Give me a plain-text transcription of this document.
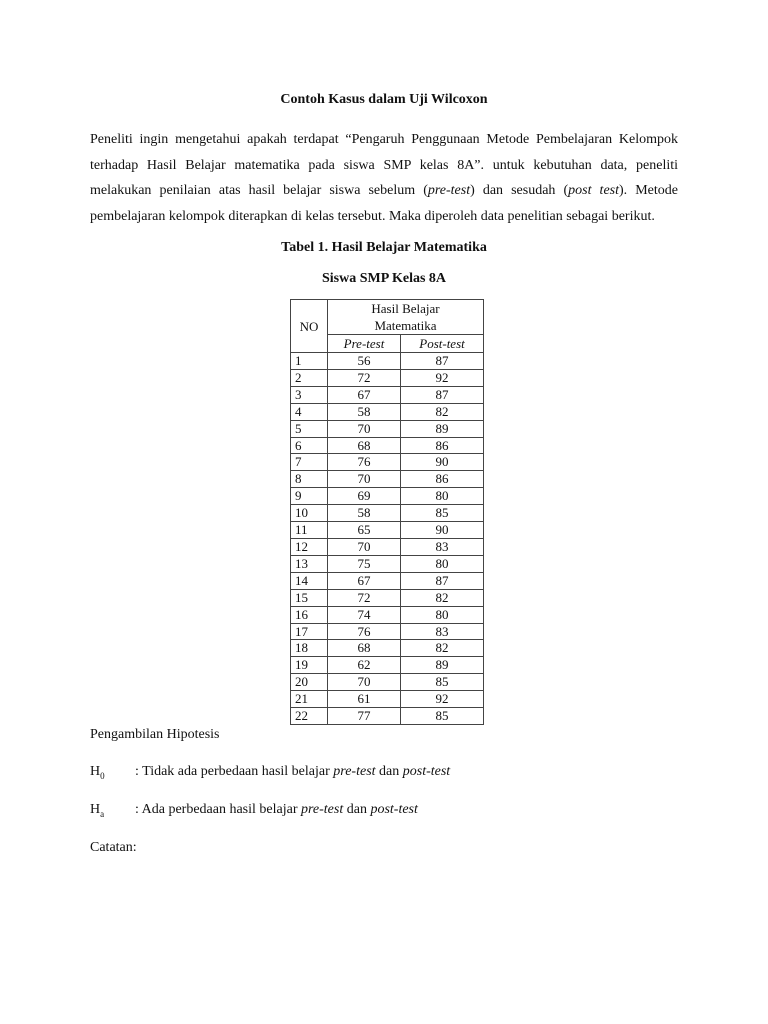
Contoh Kasus dalam Uji Wilcoxon
Peneliti ingin mengetahui apakah terdapat “Pengaruh Penggunaan Metode Pembelajaran Kelompok terhadap Hasil Belajar matematika pada siswa SMP kelas 8A”. untuk kebutuhan data, peneliti melakukan penilaian atas hasil belajar siswa sebelum (pre-test) dan sesudah (post test). Metode pembelajaran kelompok diterapkan di kelas tersebut. Maka diperoleh data penelitian sebagai berikut.
Tabel 1. Hasil Belajar Matematika
Siswa SMP Kelas 8A
NO	Hasil Belajar Matematika	
	Pre-test	Post-test
1	56	87
2	72	92
3	67	87
4	58	82
5	70	89
6	68	86
7	76	90
8	70	86
9	69	80
10	58	85
11	65	90
12	70	83
13	75	80
14	67	87
15	72	82
16	74	80
17	76	83
18	68	82
19	62	89
20	70	85
21	61	92
22	77	85
Pengambilan Hipotesis
$H_0$ : Tidak ada perbedaan hasil belajar pre-test dan post-test
$H_a$ : Ada perbedaan hasil belajar pre-test dan post-test
Catatan:
